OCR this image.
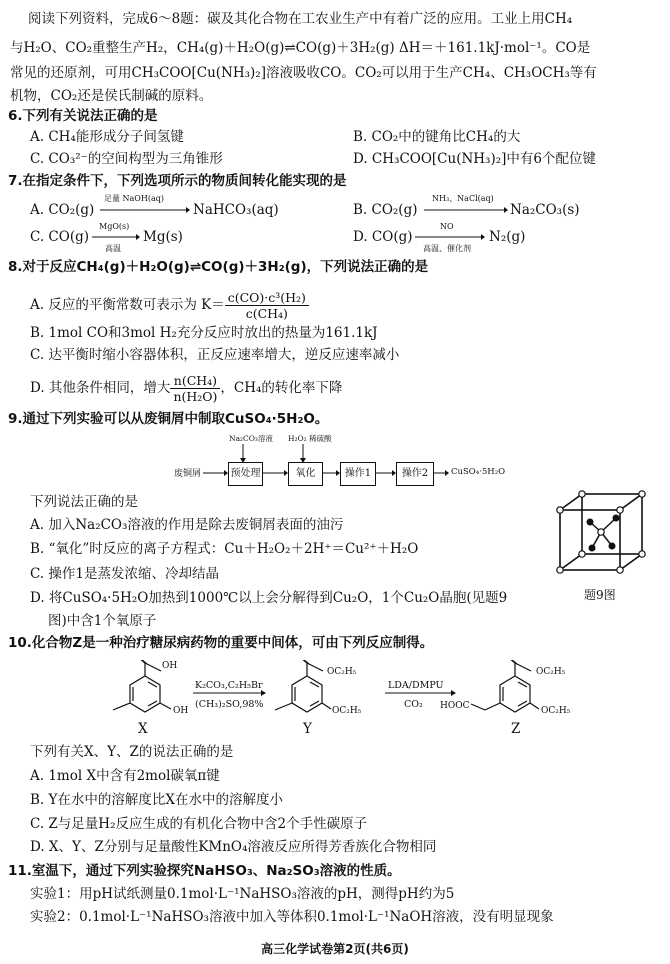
阅读下列资料，完成6～8题：碳及其化合物在工农业生产中有着广泛的应用。工业上用CH₄
与H₂O、CO₂重整生产H₂，CH₄(g)＋H₂O(g)⇌CO(g)＋3H₂(g) ΔH＝＋161.1kJ·mol⁻¹。CO是
常见的还原剂，可用CH₃COO[Cu(NH₃)₂]溶液吸收CO。CO₂可以用于生产CH₄、CH₃OCH₃等有
机物，CO₂还是侯氏制碱的原料。
6.下列有关说法正确的是
A. CH₄能形成分子间氢键	B. CO₂中的键角比CH₄的大
C. CO₃²⁻的空间构型为三角锥形	D. CH₃COO[Cu(NH₃)₂]中有6个配位键
7.在指定条件下，下列选项所示的物质间转化能实现的是
A. CO₂(g)
足量 NaOH(aq)
NaHCO₃(aq)	B. CO₂(g)
NH₃、NaCl(aq)
Na₂CO₃(s)
C. CO(g)
MgO(s)
高温
Mg(s)	D. CO(g)
NO
高温、催化剂
N₂(g)
8.对于反应CH₄(g)＋H₂O(g)⇌CO(g)＋3H₂(g)，下列说法正确的是
A. 反应的平衡常数可表示为 $K= \frac{\text{c(CO)·c³(H₂)}}{\text{c(CH₄)}}$
B. 1mol CO和3mol H₂充分反应时放出的热量为161.1kJ
C. 达平衡时缩小容器体积，正反应速率增大，逆反应速率减小
D. 其他条件相同，增大 $\frac{\text{n(CH₄)}}{\text{n(H₂O)}}$ ，CH₄的转化率下降
9.通过下列实验可以从废铜屑中制取CuSO₄·5H₂O。
废铜屑
Na₂CO₃溶液 H₂O₂ 稀硫酸
预处理	氧化	操作1	操作2	CuSO₄·5H₂O
下列说法正确的是
A. 加入Na₂CO₃溶液的作用是除去废铜屑表面的油污
B. “氧化”时反应的离子方程式：Cu＋H₂O₂＋2H⁺＝Cu²⁺＋H₂O
C. 操作1是蒸发浓缩、冷却结晶
D. 将CuSO₄·5H₂O加热到1000℃以上会分解得到Cu₂O，1个Cu₂O晶胞(见题9
图)中含1个氧原子
题9图
10.化合物Z是一种治疗糖尿病药物的重要中间体，可由下列反应制得。
OH
OH
OC₂H₅
OC₂H₅
OC₂H₅
OC₂H₅
HOOC
K₂CO₃,C₂H₅Br
(CH₃)₂SO,98%
LDA/DMPU
CO₂
X	Y	Z
下列有关X、Y、Z的说法正确的是
A. 1mol X中含有2mol碳氧π键
B. Y在水中的溶解度比X在水中的溶解度小
C. Z与足量H₂反应生成的有机化合物中含2个手性碳原子
D. X、Y、Z分别与足量酸性KMnO₄溶液反应所得芳香族化合物相同
11.室温下，通过下列实验探究NaHSO₃、Na₂SO₃溶液的性质。
实验1：用pH试纸测量0.1mol·L⁻¹NaHSO₃溶液的pH，测得pH约为5
实验2：0.1mol·L⁻¹NaHSO₃溶液中加入等体积0.1mol·L⁻¹NaOH溶液，没有明显现象
高三化学试卷第2页(共6页)
